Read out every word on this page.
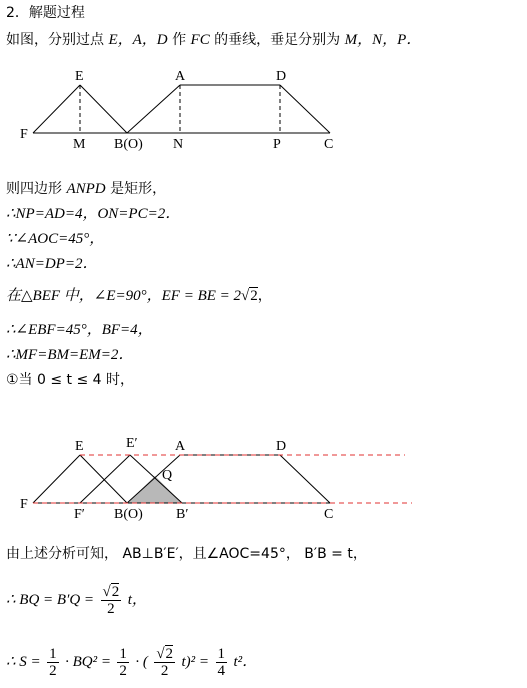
2．解题过程
如图，分别过点 E，A，D 作 FC 的垂线，垂足分别为 M，N，P．
E	A	D
F
M B(O) N	P	C
则四边形 ANPD 是矩形，
∴NP=AD=4，ON=PC=2．
∵∠AOC=45°，
∴AN=DP=2．
在△BEF 中，∠E=90°，EF = BE = 2√2，
∴∠EBF=45°，BF=4，
∴MF=BM=EM=2．
①当 0 ≤ t ≤ 4 时，
E	E′	A	D
Q
F
F′ B(O) B′	C
由上述分析可知， AB⊥B′E′，且∠AOC=45°， B′B = t，
∴ BQ = $B'Q = \frac{√2}{2}$ t，
∴ $S = \frac{1}{2} \cdot BQ^2 = \frac{1}{2}$ · ( $\frac{√2}{2} t)^2 = \frac{1}{4} t^2$．
